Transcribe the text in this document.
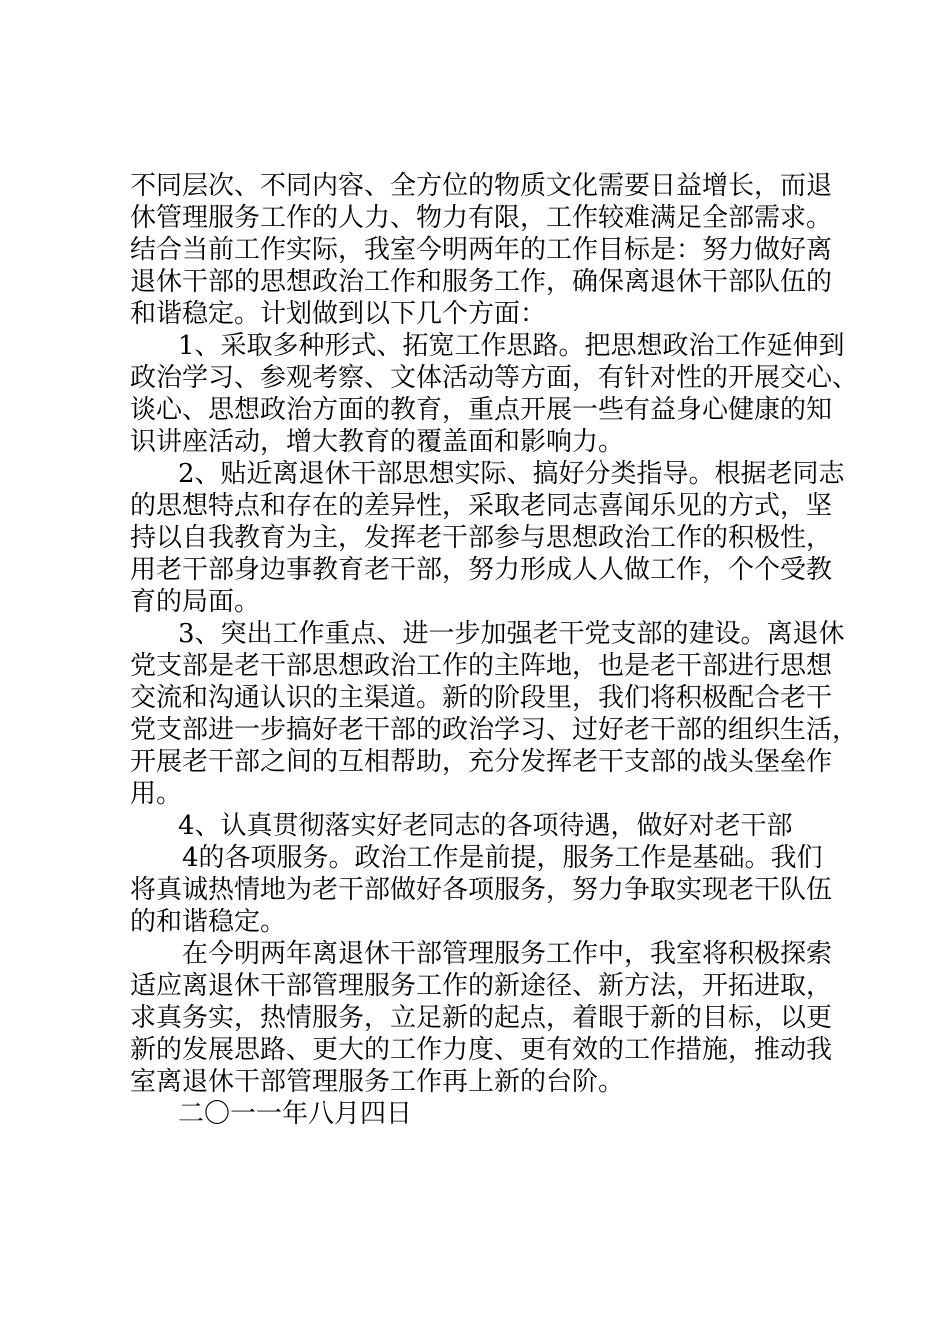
不同层次、不同内容、全方位的物质文化需要日益增长，而退
休管理服务工作的人力、物力有限，工作较难满足全部需求。
结合当前工作实际，我室今明两年的工作目标是：努力做好离
退休干部的思想政治工作和服务工作，确保离退休干部队伍的
和谐稳定。计划做到以下几个方面：
1、采取多种形式、拓宽工作思路。把思想政治工作延伸到
政治学习、参观考察、文体活动等方面，有针对性的开展交心、
谈心、思想政治方面的教育，重点开展一些有益身心健康的知
识讲座活动，增大教育的覆盖面和影响力。
2、贴近离退休干部思想实际、搞好分类指导。根据老同志
的思想特点和存在的差异性，采取老同志喜闻乐见的方式，坚
持以自我教育为主，发挥老干部参与思想政治工作的积极性，
用老干部身边事教育老干部，努力形成人人做工作，个个受教
育的局面。
3、突出工作重点、进一步加强老干党支部的建设。离退休
党支部是老干部思想政治工作的主阵地，也是老干部进行思想
交流和沟通认识的主渠道。新的阶段里，我们将积极配合老干
党支部进一步搞好老干部的政治学习、过好老干部的组织生活，
开展老干部之间的互相帮助，充分发挥老干支部的战头堡垒作
用。
4、认真贯彻落实好老同志的各项待遇，做好对老干部
4的各项服务。政治工作是前提，服务工作是基础。我们
将真诚热情地为老干部做好各项服务，努力争取实现老干队伍
的和谐稳定。
在今明两年离退休干部管理服务工作中，我室将积极探索
适应离退休干部管理服务工作的新途径、新方法，开拓进取，
求真务实，热情服务，立足新的起点，着眼于新的目标，以更
新的发展思路、更大的工作力度、更有效的工作措施，推动我
室离退休干部管理服务工作再上新的台阶。
二〇一一年八月四日
